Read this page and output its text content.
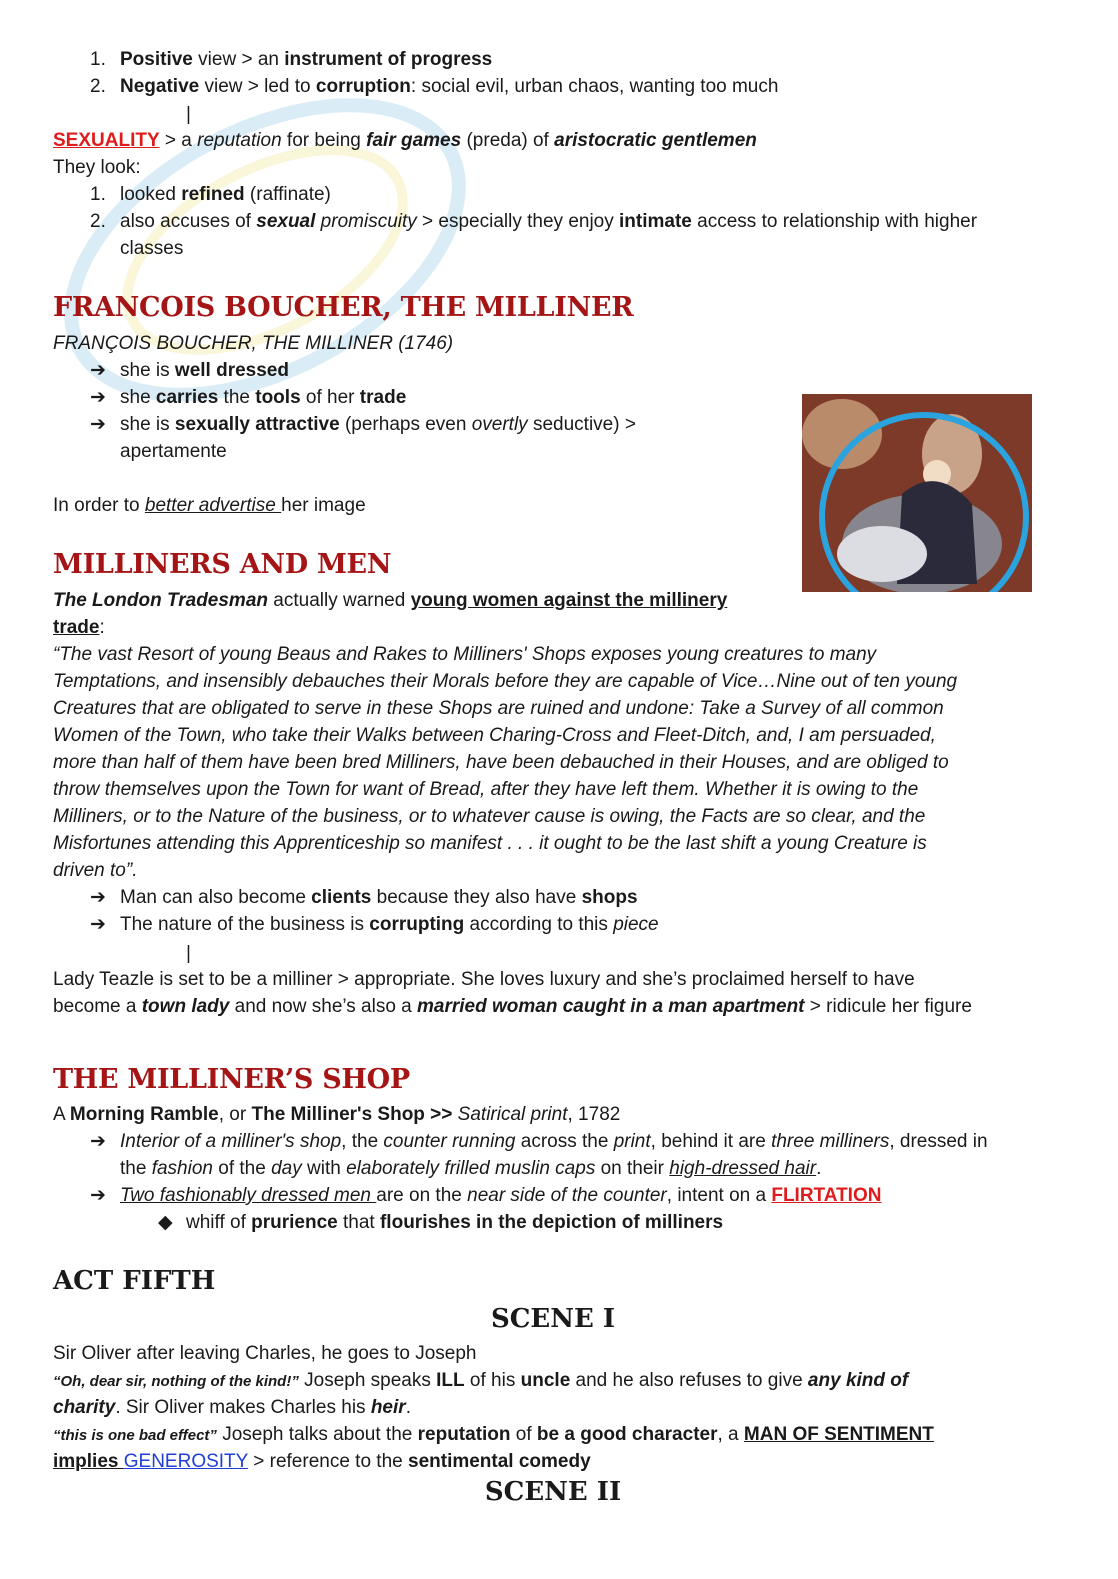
1. Positive view > an instrument of progress
2. Negative view > led to corruption: social evil, urban chaos, wanting too much
|
SEXUALITY > a reputation for being fair games (preda) of aristocratic gentlemen
They look:
1. looked refined (raffinate)
2. also accuses of sexual promiscuity > especially they enjoy intimate access to relationship with higher
classes
FRANCOIS BOUCHER, THE MILLINER
FRANÇOIS BOUCHER, THE MILLINER (1746)
➔ she is well dressed
➔ she carries the tools of her trade
➔ she is sexually attractive (perhaps even overtly seductive) >
apertamente
In order to better advertise her image
MILLINERS AND MEN
The London Tradesman actually warned young women against the millinery
trade:
“The vast Resort of young Beaus and Rakes to Milliners' Shops exposes young creatures to many
Temptations, and insensibly debauches their Morals before they are capable of Vice…Nine out of ten young
Creatures that are obligated to serve in these Shops are ruined and undone: Take a Survey of all common
Women of the Town, who take their Walks between Charing-Cross and Fleet-Ditch, and, I am persuaded,
more than half of them have been bred Milliners, have been debauched in their Houses, and are obliged to
throw themselves upon the Town for want of Bread, after they have left them. Whether it is owing to the
Milliners, or to the Nature of the business, or to whatever cause is owing, the Facts are so clear, and the
Misfortunes attending this Apprenticeship so manifest . . . it ought to be the last shift a young Creature is
driven to”.
➔ Man can also become clients because they also have shops
➔ The nature of the business is corrupting according to this piece
|
Lady Teazle is set to be a milliner > appropriate. She loves luxury and she’s proclaimed herself to have
become a town lady and now she’s also a married woman caught in a man apartment > ridicule her figure
THE MILLINER’S SHOP
A Morning Ramble, or The Milliner's Shop >> Satirical print, 1782
➔ Interior of a milliner's shop, the counter running across the print, behind it are three milliners, dressed in
the fashion of the day with elaborately frilled muslin caps on their high-dressed hair.
➔ Two fashionably dressed men are on the near side of the counter, intent on a FLIRTATION
◆ whiff of prurience that flourishes in the depiction of milliners
ACT FIFTH
SCENE I
Sir Oliver after leaving Charles, he goes to Joseph
“Oh, dear sir, nothing of the kind!” Joseph speaks ILL of his uncle and he also refuses to give any kind of
charity. Sir Oliver makes Charles his heir.
“this is one bad effect” Joseph talks about the reputation of be a good character, a MAN OF SENTIMENT
implies GENEROSITY > reference to the sentimental comedy
SCENE II
